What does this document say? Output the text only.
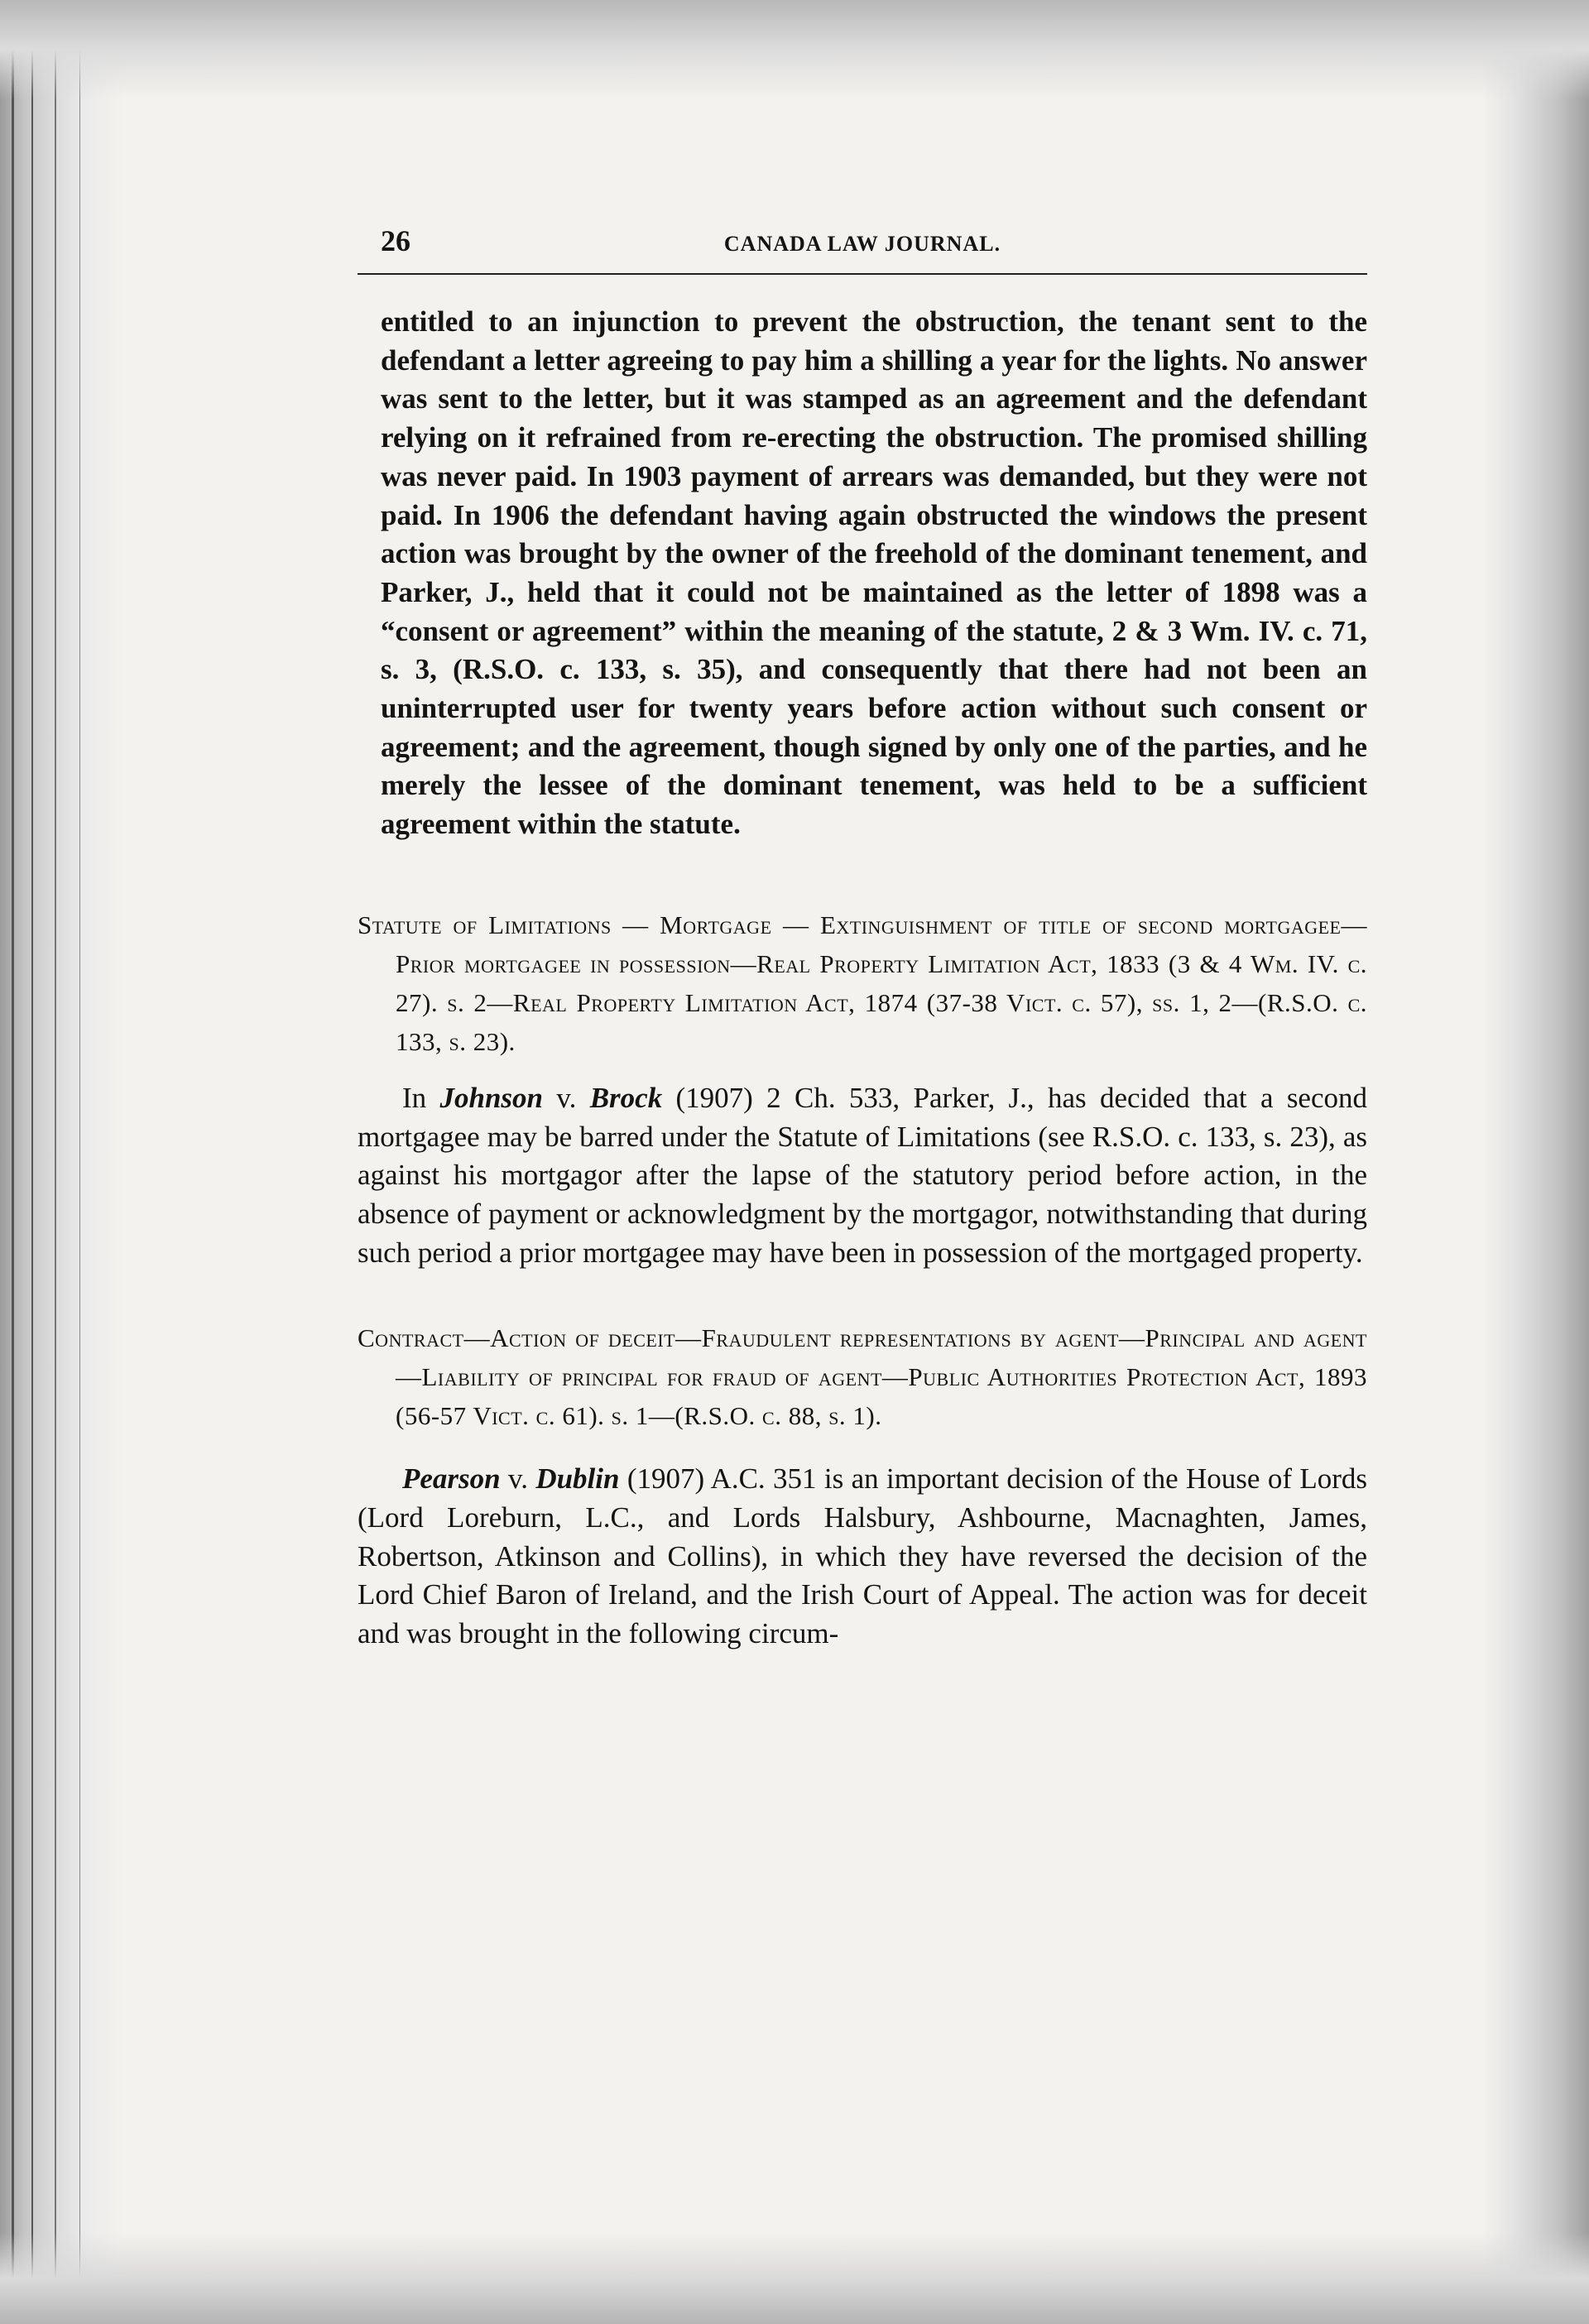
26	CANADA LAW JOURNAL.

entitled to an injunction to prevent the obstruction, the tenant sent to the defendant a letter agreeing to pay him a shilling a year for the lights. No answer was sent to the letter, but it was stamped as an agreement and the defendant relying on it refrained from re-erecting the obstruction. The promised shilling was never paid. In 1903 payment of arrears was demanded, but they were not paid. In 1906 the defendant having again obstructed the windows the present action was brought by the owner of the freehold of the dominant tenement, and Parker, J., held that it could not be maintained as the letter of 1898 was a “consent or agreement” within the meaning of the statute, 2 & 3 Wm. IV. c. 71, s. 3, (R.S.O. c. 133, s. 35), and consequently that there had not been an uninterrupted user for twenty years before action without such consent or agreement; and the agreement, though signed by only one of the parties, and he merely the lessee of the dominant tenement, was held to be a sufficient agreement within the statute.

Statute of Limitations — Mortgage — Extinguishment of title of second mortgagee—Prior mortgagee in possession—Real Property Limitation Act, 1833 (3 & 4 Wm. IV. c. 27). s. 2—Real Property Limitation Act, 1874 (37-38 Vict. c. 57), ss. 1, 2—(R.S.O. c. 133, s. 23).

In Johnson v. Brock (1907) 2 Ch. 533, Parker, J., has decided that a second mortgagee may be barred under the Statute of Limitations (see R.S.O. c. 133, s. 23), as against his mortgagor after the lapse of the statutory period before action, in the absence of payment or acknowledgment by the mortgagor, notwithstanding that during such period a prior mortgagee may have been in possession of the mortgaged property.

Contract—Action of deceit—Fraudulent representations by agent—Principal and agent—Liability of principal for fraud of agent—Public Authorities Protection Act, 1893 (56-57 Vict. c. 61). s. 1—(R.S.O. c. 88, s. 1).

Pearson v. Dublin (1907) A.C. 351 is an important decision of the House of Lords (Lord Loreburn, L.C., and Lords Halsbury, Ashbourne, Macnaghten, James, Robertson, Atkinson and Collins), in which they have reversed the decision of the Lord Chief Baron of Ireland, and the Irish Court of Appeal. The action was for deceit and was brought in the following circum-
